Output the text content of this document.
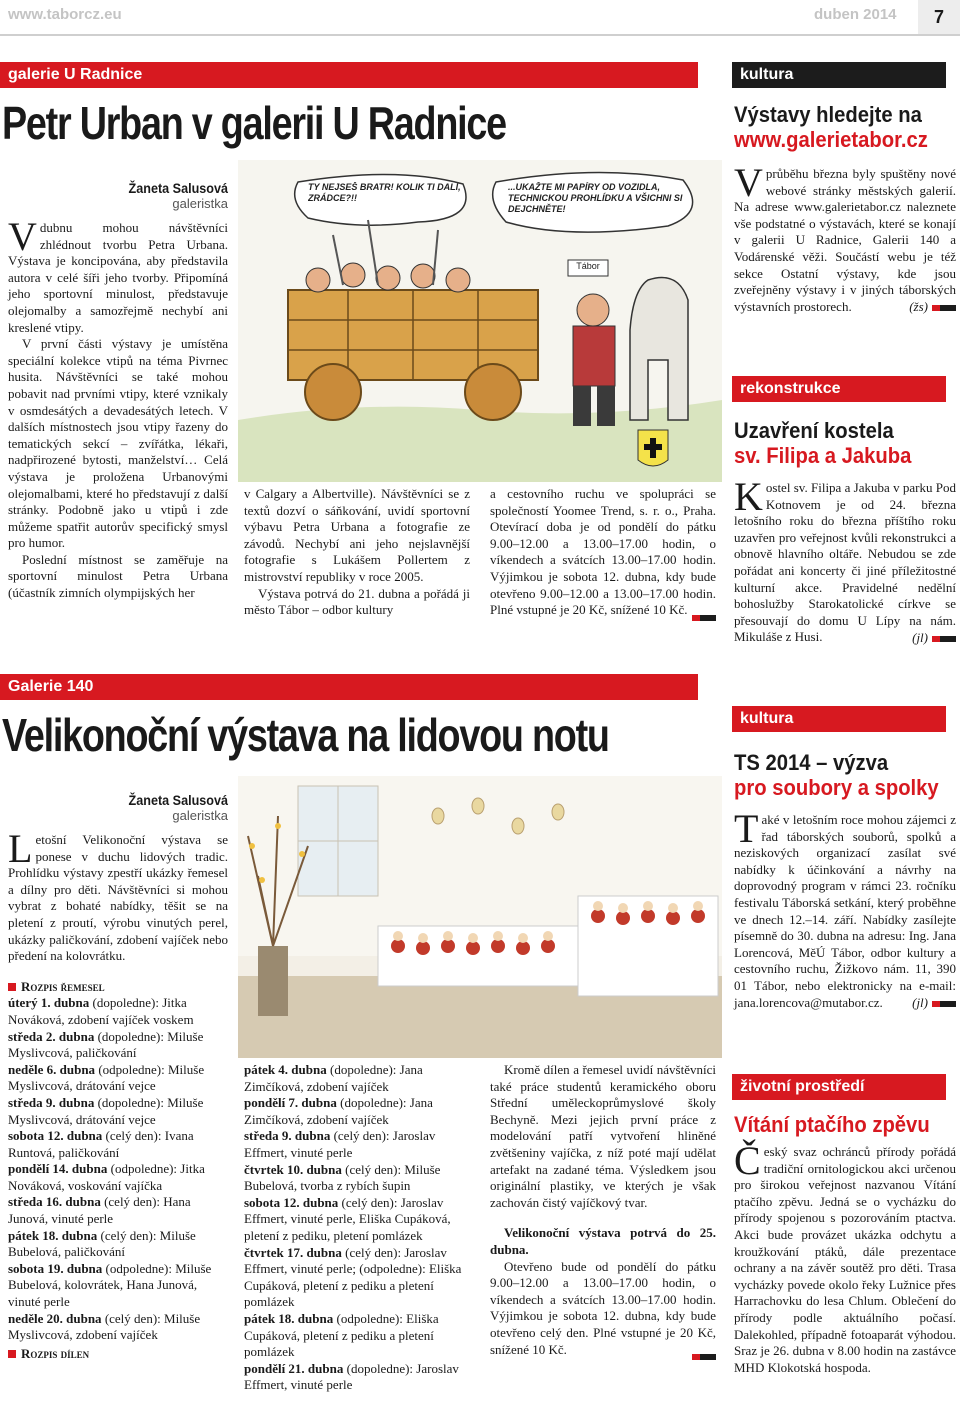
www.taborcz.eu	duben 2014	7
galerie U Radnice
Petr Urban v galerii U Radnice
Žaneta Salusová
galeristka

Vdubnu mohou návštěvníci zhlédnout tvorbu Petra Urbana. Výstava je koncipována, aby představila autora v celé šíři jeho tvorby. Připomíná jeho sportovní minulost, představuje olejomalby a samozřejmě nechybí ani kreslené vtipy.

V první části výstavy je umístěna speciální kolekce vtipů na téma Pivrnec husita. Návštěvníci se také mohou pobavit nad prvními vtipy, které vznikaly v osmdesátých a devadesátých letech. V dalších místnostech jsou vtipy řazeny do tematických sekcí – zvířátka, lékaři, nadpřirozené bytosti, manželství… Celá výstava je proložena Urbanovými olejomalbami, které ho představují z další stránky. Podobně jako u vtipů i zde můžeme spatřit autorův specifický smysl pro humor.

Poslední místnost se zaměřuje na sportovní minulost Petra Urbana (účastník zimních olympijských her

TY NEJSEŠ BRATR! KOLIK TI DALI, ZRÁDCE?!!
...UKAŽTE MI PAPÍRY OD VOZIDLA, TECHNICKOU PROHLÍDKU A VŠICHNI SI DEJCHNĚTE!
Tábor

v Calgary a Albertville). Návštěvníci se z textů dozví o sáňkování, uvidí sportovní výbavu Petra Urbana a fotografie ze závodů. Nechybí ani jeho nejslavnější fotografie s Lukášem Pollertem z mistrovství republiky v roce 2005.

Výstava potrvá do 21. dubna a pořádá ji město Tábor – odbor kultury

a cestovního ruchu ve spolupráci se společností Yoomee Trend, s. r. o., Praha. Otevírací doba je od pondělí do pátku 9.00–12.00 a 13.00–17.00 hodin, o víkendech a svátcích 13.00–17.00 hodin. Výjimkou je sobota 12. dubna, kdy bude otevřeno 9.00–12.00 a 13.00–17.00 hodin. Plné vstupné je 20 Kč, snížené 10 Kč.

Galerie 140
Velikonoční výstava na lidovou notu
Žaneta Salusová
galeristka

Letošní Velikonoční výstava se ponese v duchu lidových tradic. Prohlídku výstavy zpestří ukázky řemesel a dílny pro děti. Návštěvníci si mohou vybrat z bohaté nabídky, těšit se na pletení z proutí, výrobu vinutých perel, ukázky paličkování, zdobení vajíček nebo předení na kolovrátku.

Rozpis řemesel
úterý 1. dubna (dopoledne): Jitka Nováková, zdobení vajíček voskem
středa 2. dubna (dopoledne): Miluše Myslivcová, paličkování
neděle 6. dubna (odpoledne): Miluše Myslivcová, drátování vejce
středa 9. dubna (dopoledne): Miluše Myslivcová, drátování vejce
sobota 12. dubna (celý den): Ivana Runtová, paličkování
pondělí 14. dubna (odpoledne): Jitka Nováková, voskování vajíčka
středa 16. dubna (celý den): Hana Junová, vinuté perle
pátek 18. dubna (celý den): Miluše Bubelová, paličkování
sobota 19. dubna (odpoledne): Miluše Bubelová, kolovrátek, Hana Junová, vinuté perle
neděle 20. dubna (celý den): Miluše Myslivcová, zdobení vajíček
Rozpis dílen
pátek 4. dubna (dopoledne): Jana Zimčíková, zdobení vajíček
pondělí 7. dubna (dopoledne): Jana Zimčíková, zdobení vajíček
středa 9. dubna (celý den): Jaroslav Effmert, vinuté perle
čtvrtek 10. dubna (celý den): Miluše Bubelová, tvorba z rybích šupin
sobota 12. dubna (celý den): Jaroslav Effmert, vinuté perle, Eliška Cupáková, pletení z pediku, pletení pomlázek
čtvrtek 17. dubna (celý den): Jaroslav Effmert, vinuté perle; (odpoledne): Eliška Cupáková, pletení z pediku a pletení pomlázek
pátek 18. dubna (odpoledne): Eliška Cupáková, pletení z pediku a pletení pomlázek
pondělí 21. dubna (dopoledne): Jaroslav Effmert, vinuté perle

Kromě dílen a řemesel uvidí návštěvníci také práce studentů keramického oboru Střední uměleckoprůmyslové školy Bechyně. Mezi jejich první práce z modelování patří vytvoření hliněné zvětšeniny vajíčka, z níž poté mají udělat artefakt na zadané téma. Výsledkem jsou originální plastiky, ve kterých je však zachován čistý vajíčkový tvar.

Velikonoční výstava potrvá do 25. dubna.

Otevřeno bude od pondělí do pátku 9.00–12.00 a 13.00–17.00 hodin, o víkendech a svátcích 13.00–17.00 hodin. Výjimkou je sobota 12. dubna, kdy bude otevřeno celý den. Plné vstupné je 20 Kč, snížené 10 Kč.

kultura
Výstavy hledejte na
www.galerietabor.cz
Vprůběhu března byly spuštěny nové webové stránky městských galerií. Na adrese www.galerietabor.cz naleznete vše podstatné o výstavách, které se konají v galerii U Radnice, Galerii 140 a Vodárenské věži. Součástí webu je též sekce Ostatní výstavy, kde jsou zveřejněny výstavy i v jiných táborských výstavních prostorech.	(žs)
rekonstrukce
Uzavření kostela
sv. Filipa a Jakuba
Kostel sv. Filipa a Jakuba v parku Pod Kotnovem je od 24. března letošního roku do března příštího roku uzavřen pro veřejnost kvůli rekonstrukci a obnově hlavního oltáře. Nebudou se zde pořádat ani koncerty či jiné příležitostné kulturní akce. Pravidelné nedělní bohoslužby Starokatolické církve se přesouvají do domu U Lípy na nám. Mikuláše z Husi.	(jl)
kultura
TS 2014 – výzva
pro soubory a spolky
Také v letošním roce mohou zájemci z řad táborských souborů, spolků a neziskových organizací zasílat své nabídky k účinkování a návrhy na doprovodný program v rámci 23. ročníku festivalu Táborská setkání, který proběhne ve dnech 12.–14. září. Nabídky zasílejte písemně do 30. dubna na adresu: Ing. Jana Lorencová, MěÚ Tábor, odbor kultury a cestovního ruchu, Žižkovo nám. 11, 390 01 Tábor, nebo elektronicky na e-mail: jana.lorencova@mutabor.cz.	(jl)
životní prostředí
Vítání ptačího zpěvu
Český svaz ochránců přírody pořádá tradiční ornitologickou akci určenou pro širokou veřejnost nazvanou Vítání ptačího zpěvu. Jedná se o vycházku do přírody spojenou s pozorováním ptactva. Akci bude provázet ukázka odchytu a kroužkování ptáků, dále prezentace ochrany a na závěr soutěž pro děti. Trasa vycházky povede okolo řeky Lužnice přes Harrachovku do lesa Chlum. Oblečení do přírody podle aktuálního počasí. Dalekohled, případně fotoaparát výhodou. Sraz je 26. dubna v 8.00 hodin na zastávce MHD Klokotská hospoda.
